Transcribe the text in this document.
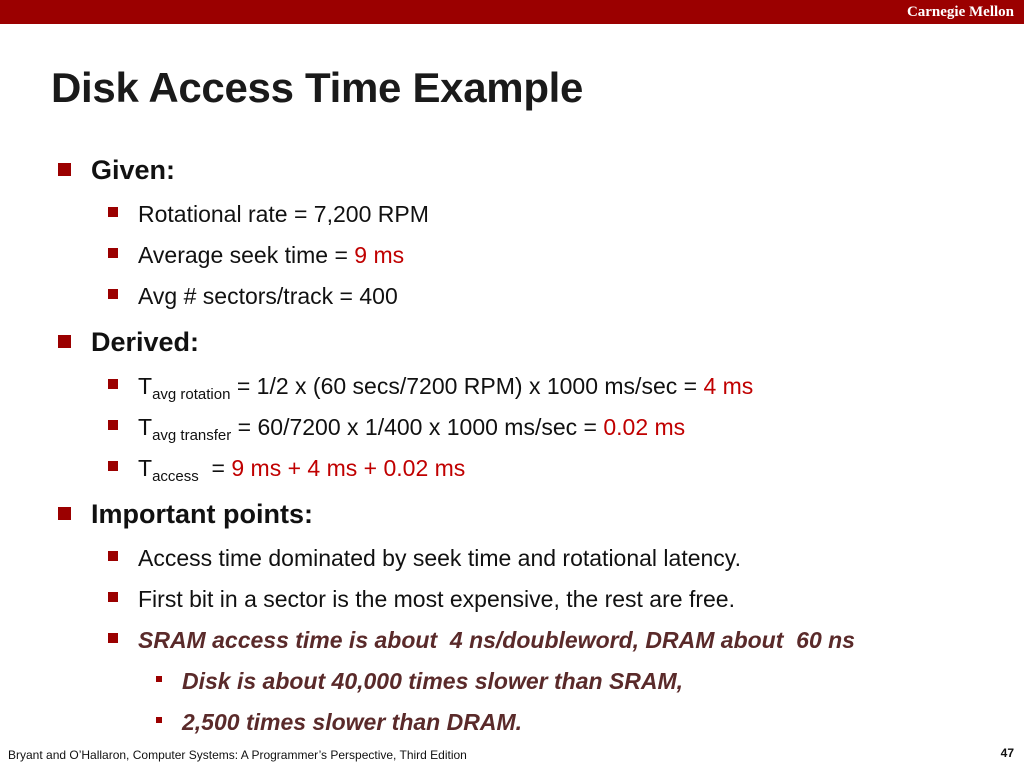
Carnegie Mellon
Disk Access Time Example
Given:
Rotational rate = 7,200 RPM
Average seek time = 9 ms
Avg # sectors/track = 400
Derived:
$T_{avg rotation} = 1/2$ x (60 secs/7200 RPM) x 1000 ms/sec = 4 ms
$T_{avg transfer} = 60/7200$ x 1/400 x 1000 ms/sec = 0.02 ms
$T_{access} = 9$ ms + 4 ms + 0.02 ms
Important points:
Access time dominated by seek time and rotational latency.
First bit in a sector is the most expensive, the rest are free.
SRAM access time is about  4 ns/doubleword, DRAM about  60 ns
Disk is about 40,000 times slower than SRAM,
2,500 times slower than DRAM.
Bryant and O’Hallaron, Computer Systems: A Programmer’s Perspective, Third Edition	47
